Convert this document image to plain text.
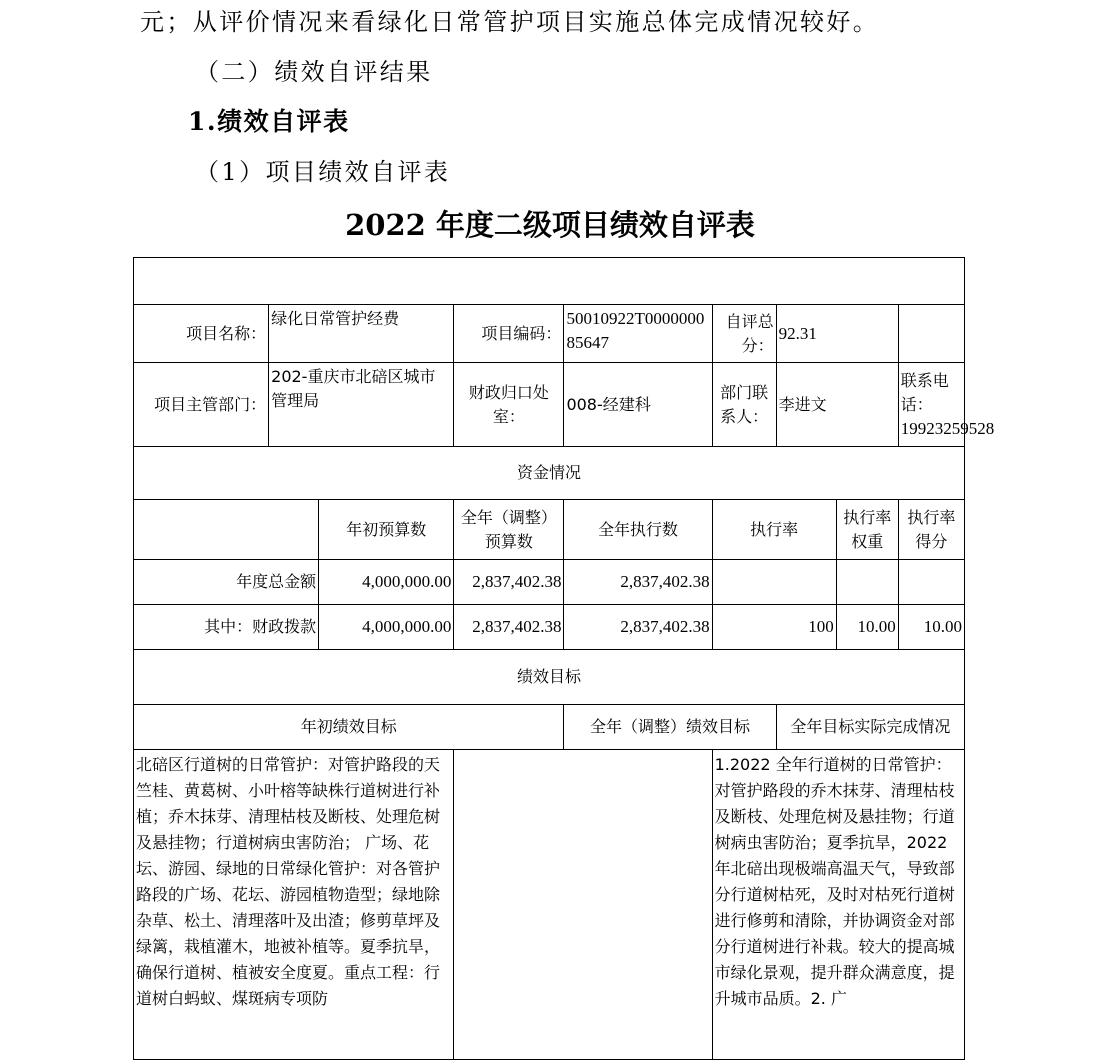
元；从评价情况来看绿化日常管护项目实施总体完成情况较好。
（二）绩效自评结果
1.绩效自评表
（1）项目绩效自评表
2022 年度二级项目绩效自评表

项目名称：	绿化日常管护经费		项目编码：	50010922T000000085647	自评总分：	92.31		
项目主管部门：	202-重庆市北碚区城市管理局		财政归口处室：	008-经建科	部门联系人：	李进文		联系电话： 19923259528
资金情况								
		年初预算数	全年（调整）预算数	全年执行数	执行率		执行率权重	执行率得分
年度总金额		4,000,000.00	2,837,402.38	2,837,402.38				
其中：财政拨款		4,000,000.00	2,837,402.38	2,837,402.38	100		10.00	10.00
绩效目标								
年初绩效目标				全年（调整）绩效目标		全年目标实际完成情况		
北碚区行道树的日常管护：对管护路段的天竺桂、黄葛树、小叶榕等缺株行道树进行补植；乔木抹芽、清理枯枝及断枝、处理危树及悬挂物；行道树病虫害防治； 广场、花坛、游园、绿地的日常绿化管护：对各管护路段的广场、花坛、游园植物造型；绿地除杂草、松土、清理落叶及出渣；修剪草坪及绿篱，栽植灌木，地被补植等。夏季抗旱，确保行道树、植被安全度夏。重点工程：行道树白蚂蚁、煤斑病专项防					1.2022 全年行道树的日常管护：对管护路段的乔木抹芽、清理枯枝及断枝、处理危树及悬挂物；行道树病虫害防治；夏季抗旱，2022 年北碚出现极端高温天气，导致部分行道树枯死，及时对枯死行道树进行修剪和清除，并协调资金对部分行道树进行补栽。较大的提高城市绿化景观，提升群众满意度，提升城市品质。2. 广			
